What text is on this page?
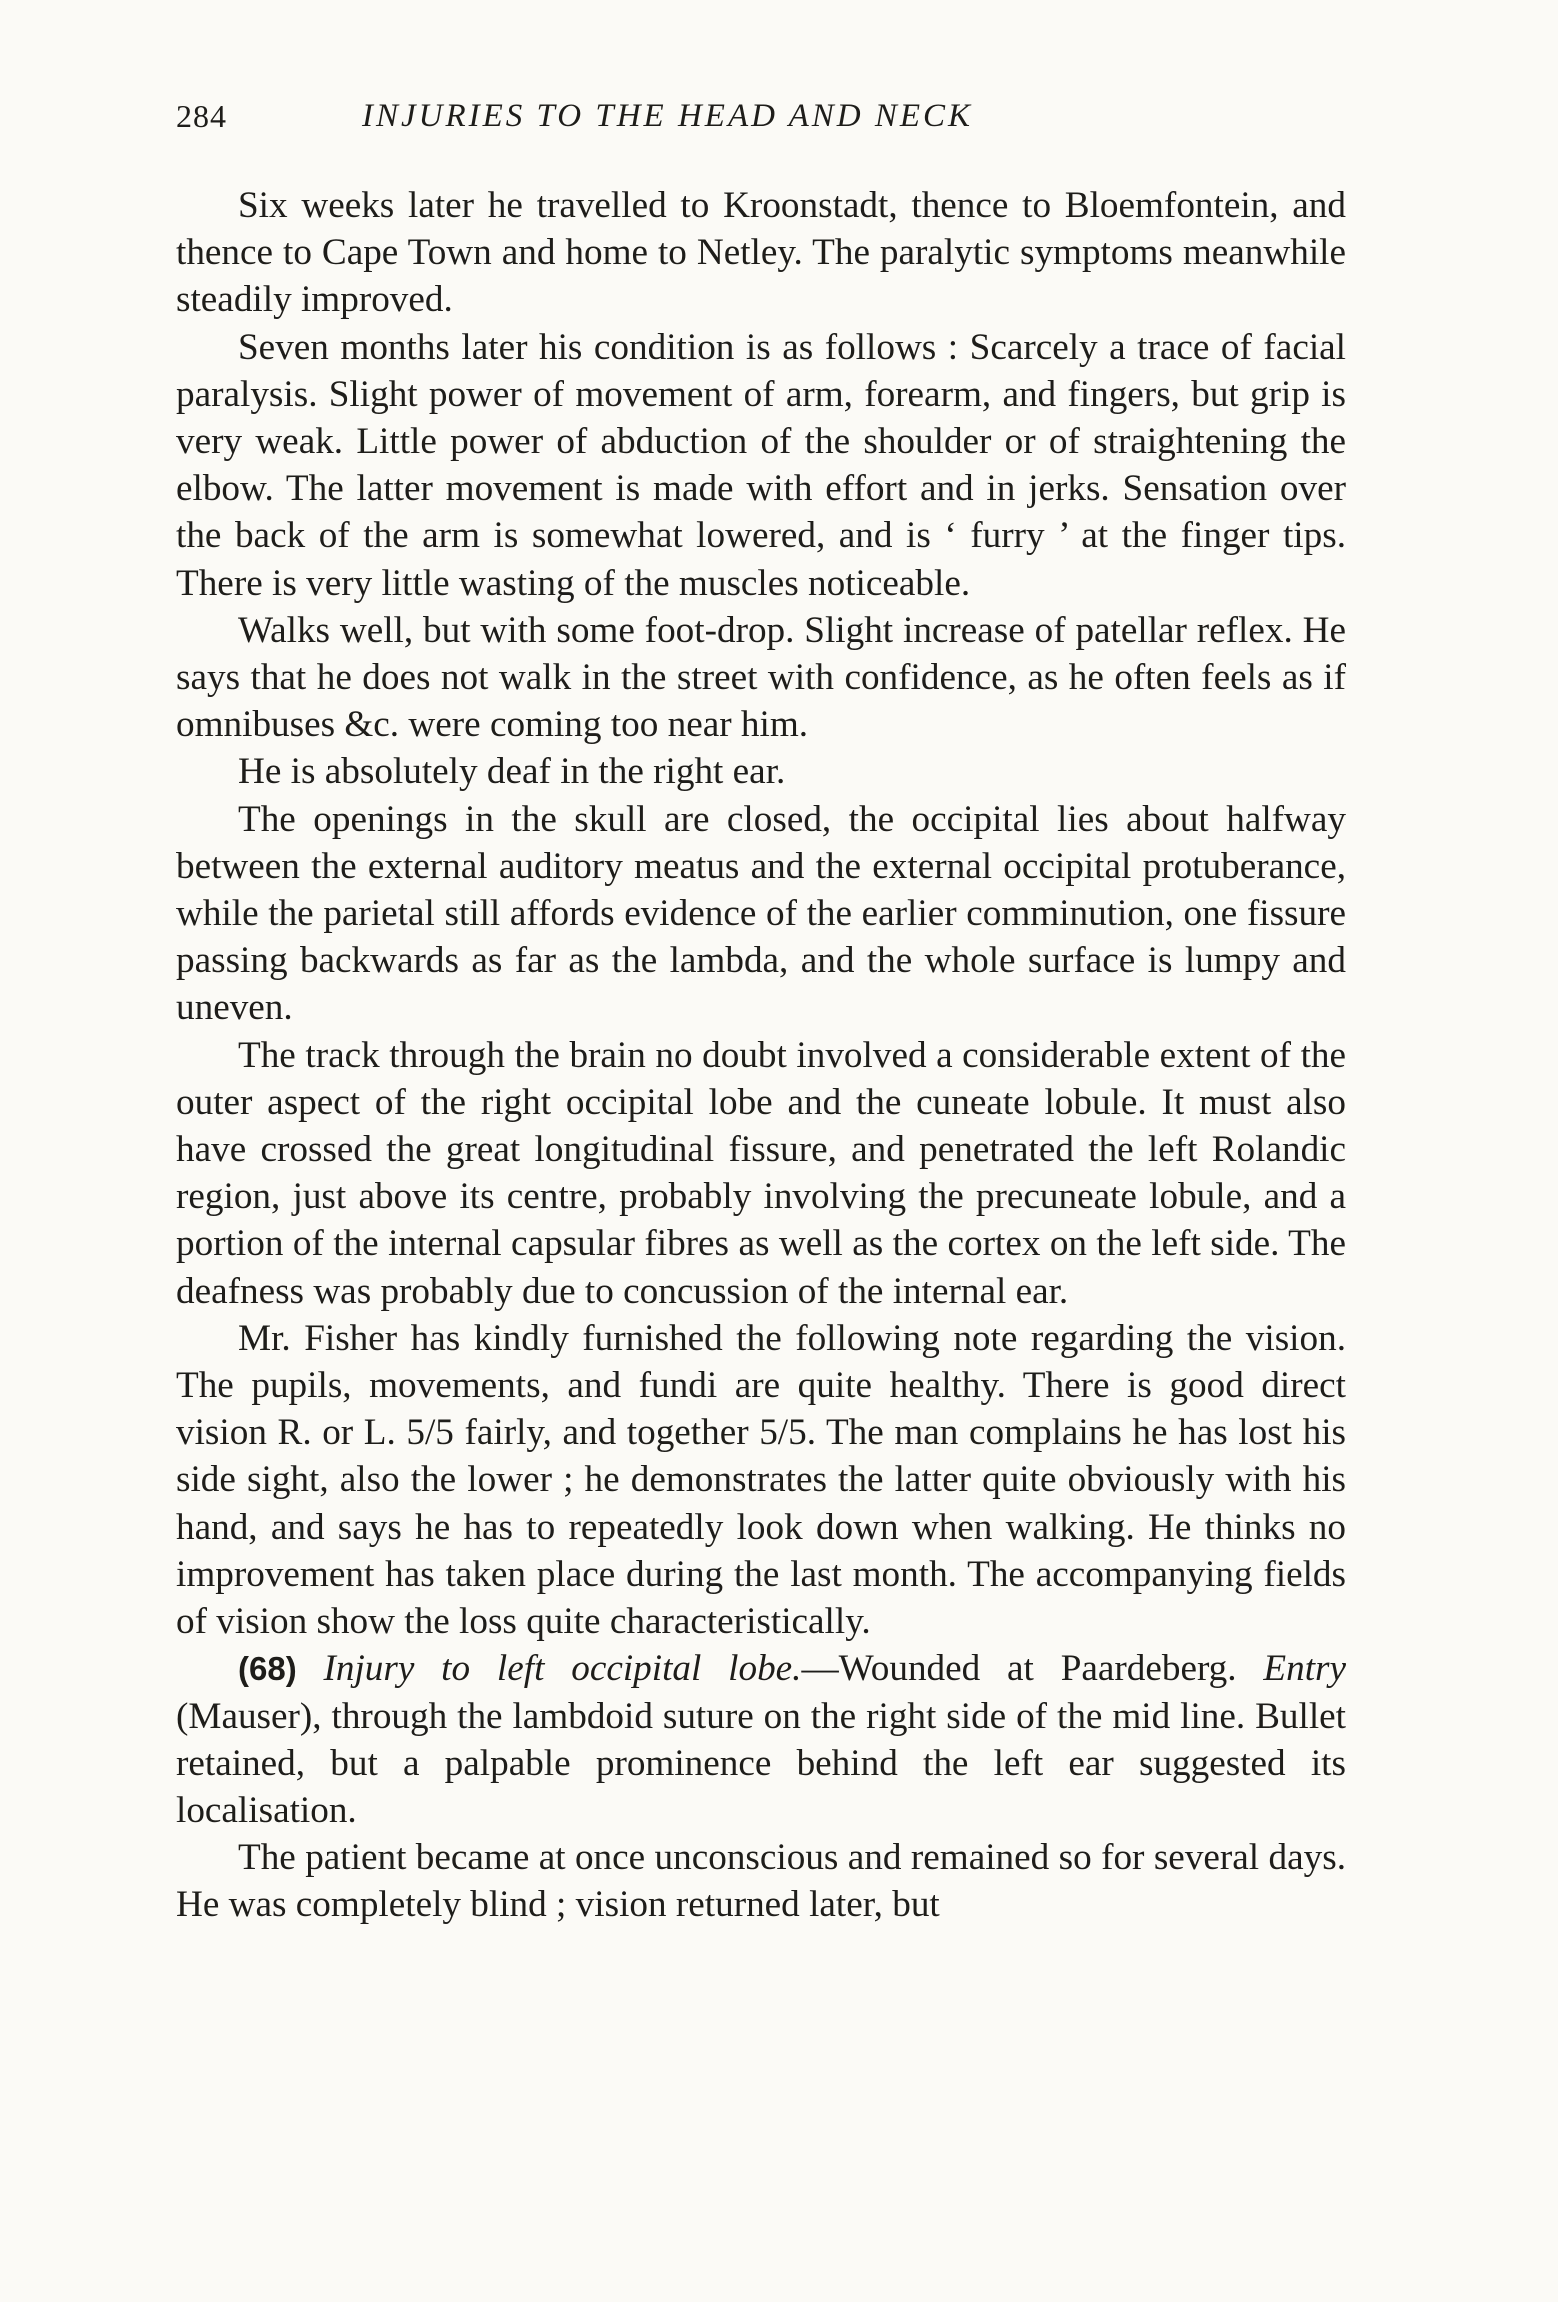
284	INJURIES TO THE HEAD AND NECK

Six weeks later he travelled to Kroonstadt, thence to Bloemfontein, and thence to Cape Town and home to Netley. The paralytic symptoms meanwhile steadily improved.

Seven months later his condition is as follows : Scarcely a trace of facial paralysis. Slight power of movement of arm, forearm, and fingers, but grip is very weak. Little power of abduction of the shoulder or of straightening the elbow. The latter movement is made with effort and in jerks. Sensation over the back of the arm is somewhat lowered, and is ‘ furry ’ at the finger tips. There is very little wasting of the muscles noticeable.

Walks well, but with some foot-drop. Slight increase of patellar reflex. He says that he does not walk in the street with confidence, as he often feels as if omnibuses &c. were coming too near him.

He is absolutely deaf in the right ear.

The openings in the skull are closed, the occipital lies about halfway between the external auditory meatus and the external occipital protuberance, while the parietal still affords evidence of the earlier comminution, one fissure passing backwards as far as the lambda, and the whole surface is lumpy and uneven.

The track through the brain no doubt involved a considerable extent of the outer aspect of the right occipital lobe and the cuneate lobule. It must also have crossed the great longitudinal fissure, and penetrated the left Rolandic region, just above its centre, probably involving the precuneate lobule, and a portion of the internal capsular fibres as well as the cortex on the left side. The deafness was probably due to concussion of the internal ear.

Mr. Fisher has kindly furnished the following note regarding the vision. The pupils, movements, and fundi are quite healthy. There is good direct vision R. or L. 5/5 fairly, and together 5/5. The man complains he has lost his side sight, also the lower ; he demonstrates the latter quite obviously with his hand, and says he has to repeatedly look down when walking. He thinks no improvement has taken place during the last month. The accompanying fields of vision show the loss quite characteristically.

(68) Injury to left occipital lobe.—Wounded at Paardeberg. Entry (Mauser), through the lambdoid suture on the right side of the mid line. Bullet retained, but a palpable prominence behind the left ear suggested its localisation.

The patient became at once unconscious and remained so for several days. He was completely blind ; vision returned later, but
